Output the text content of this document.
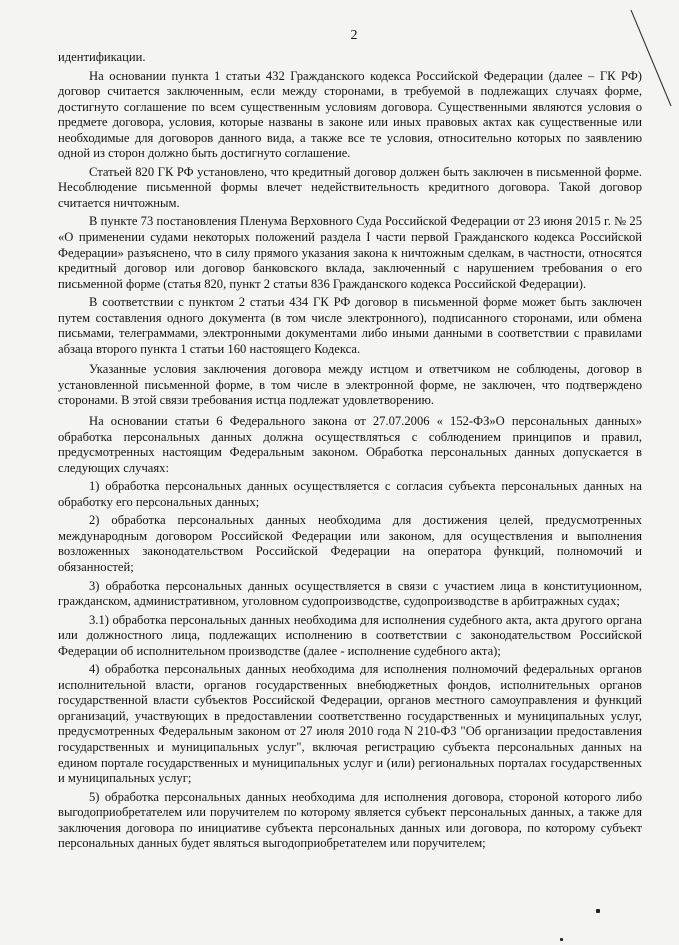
2

идентификации.

На основании пункта 1 статьи 432 Гражданского кодекса Российской Федерации (далее – ГК РФ) договор считается заключенным, если между сторонами, в требуемой в подлежащих случаях форме, достигнуто соглашение по всем существенным условиям договора. Существенными являются условия о предмете договора, условия, которые названы в законе или иных правовых актах как существенные или необходимые для договоров данного вида, а также все те условия, относительно которых по заявлению одной из сторон должно быть достигнуто соглашение.

Статьей 820 ГК РФ установлено, что кредитный договор должен быть заключен в письменной форме. Несоблюдение письменной формы влечет недействительность кредитного договора. Такой договор считается ничтожным.

В пункте 73 постановления Пленума Верховного Суда Российской Федерации от 23 июня 2015 г. № 25 «О применении судами некоторых положений раздела I части первой Гражданского кодекса Российской Федерации» разъяснено, что в силу прямого указания закона к ничтожным сделкам, в частности, относятся кредитный договор или договор банковского вклада, заключенный с нарушением требования о его письменной форме (статья 820, пункт 2 статьи 836 Гражданского кодекса Российской Федерации).

В соответствии с пунктом 2 статьи 434 ГК РФ договор в письменной форме может быть заключен путем составления одного документа (в том числе электронного), подписанного сторонами, или обмена письмами, телеграммами, электронными документами либо иными данными в соответствии с правилами абзаца второго пункта 1 статьи 160 настоящего Кодекса.

Указанные условия заключения договора между истцом и ответчиком не соблюдены, договор в установленной письменной форме, в том числе в электронной форме, не заключен, что подтверждено сторонами. В этой связи требования истца подлежат удовлетворению.

На основании статьи 6 Федерального закона от 27.07.2006 « 152-ФЗ»О персональных данных» обработка персональных данных должна осуществляться с соблюдением принципов и правил, предусмотренных настоящим Федеральным законом. Обработка персональных данных допускается в следующих случаях:

1) обработка персональных данных осуществляется с согласия субъекта персональных данных на обработку его персональных данных;

2) обработка персональных данных необходима для достижения целей, предусмотренных международным договором Российской Федерации или законом, для осуществления и выполнения возложенных законодательством Российской Федерации на оператора функций, полномочий и обязанностей;

3) обработка персональных данных осуществляется в связи с участием лица в конституционном, гражданском, административном, уголовном судопроизводстве, судопроизводстве в арбитражных судах;

3.1) обработка персональных данных необходима для исполнения судебного акта, акта другого органа или должностного лица, подлежащих исполнению в соответствии с законодательством Российской Федерации об исполнительном производстве (далее - исполнение судебного акта);

4) обработка персональных данных необходима для исполнения полномочий федеральных органов исполнительной власти, органов государственных внебюджетных фондов, исполнительных органов государственной власти субъектов Российской Федерации, органов местного самоуправления и функций организаций, участвующих в предоставлении соответственно государственных и муниципальных услуг, предусмотренных Федеральным законом от 27 июля 2010 года N 210-ФЗ "Об организации предоставления государственных и муниципальных услуг", включая регистрацию субъекта персональных данных на едином портале государственных и муниципальных услуг и (или) региональных порталах государственных и муниципальных услуг;

5) обработка персональных данных необходима для исполнения договора, стороной которого либо выгодоприобретателем или поручителем по которому является субъект персональных данных, а также для заключения договора по инициативе субъекта персональных данных или договора, по которому субъект персональных данных будет являться выгодоприобретателем или поручителем;
